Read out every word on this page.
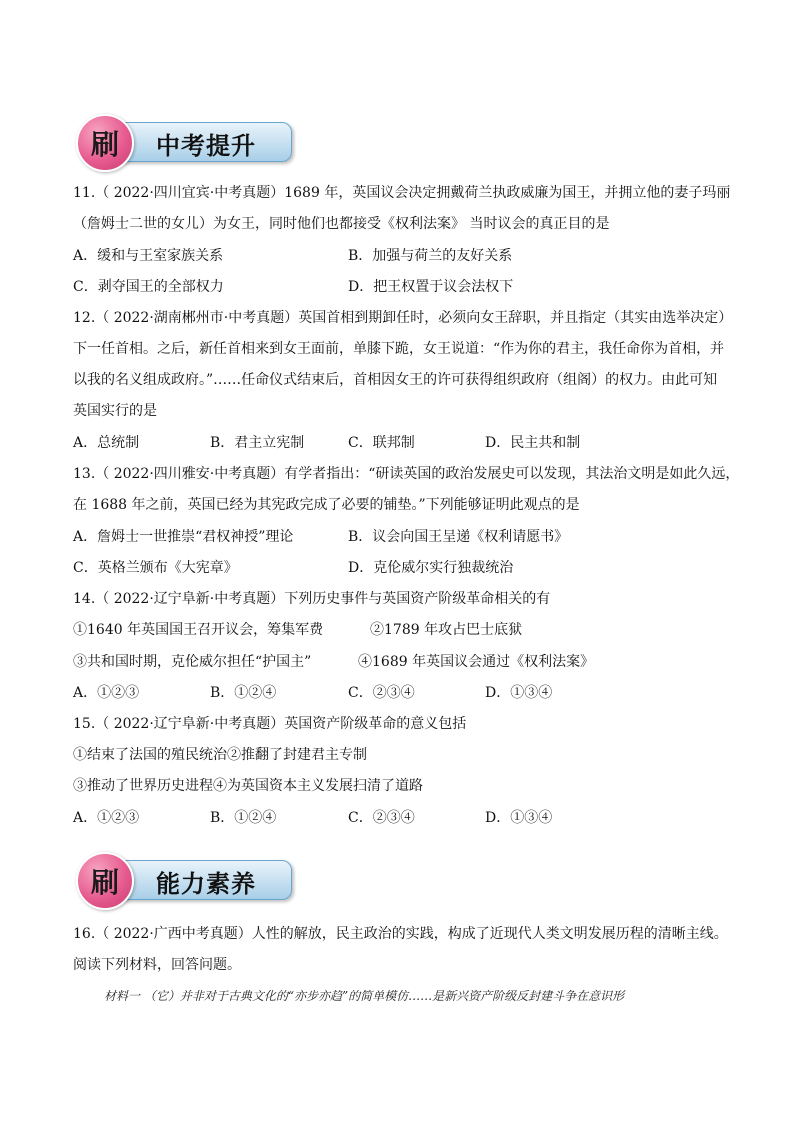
刷	中考提升
11.（ 2022·四川宜宾·中考真题）1689 年，英国议会决定拥戴荷兰执政威廉为国王，并拥立他的妻子玛丽
（詹姆士二世的女儿）为女王，同时他们也都接受《权利法案》 当时议会的真正目的是
A．缓和与王室家族关系	B．加强与荷兰的友好关系
C．剥夺国王的全部权力	D．把王权置于议会法权下
12.（ 2022·湖南郴州市·中考真题）英国首相到期卸任时，必须向女王辞职，并且指定（其实由选举决定）
下一任首相。之后，新任首相来到女王面前，单膝下跪，女王说道：“作为你的君主，我任命你为首相，并
以我的名义组成政府。”……任命仪式结束后，首相因女王的许可获得组织政府（组阁）的权力。由此可知
英国实行的是
A．总统制	B．君主立宪制	C．联邦制	D．民主共和制
13.（ 2022·四川雅安·中考真题）有学者指出：“研读英国的政治发展史可以发现，其法治文明是如此久远，
在 1688 年之前，英国已经为其宪政完成了必要的铺垫。”下列能够证明此观点的是
A．詹姆士一世推崇“君权神授”理论	B．议会向国王呈递《权利请愿书》
C．英格兰颁布《大宪章》	D．克伦威尔实行独裁统治
14.（ 2022·辽宁阜新·中考真题）下列历史事件与英国资产阶级革命相关的有
①1640 年英国国王召开议会，筹集军费	②1789 年攻占巴士底狱
③共和国时期，克伦威尔担任“护国主”	④1689 年英国议会通过《权利法案》
A．①②③	B．①②④	C．②③④	D．①③④
15.（ 2022·辽宁阜新·中考真题）英国资产阶级革命的意义包括
①结束了法国的殖民统治②推翻了封建君主专制
③推动了世界历史进程④为英国资本主义发展扫清了道路
A．①②③	B．①②④	C．②③④	D．①③④
刷	能力素养
16.（ 2022·广西中考真题）人性的解放，民主政治的实践，构成了近现代人类文明发展历程的清晰主线。
阅读下列材料，回答问题。
材料一 （它）并非对于古典文化的“亦步亦趋”的简单模仿……是新兴资产阶级反封建斗争在意识形
